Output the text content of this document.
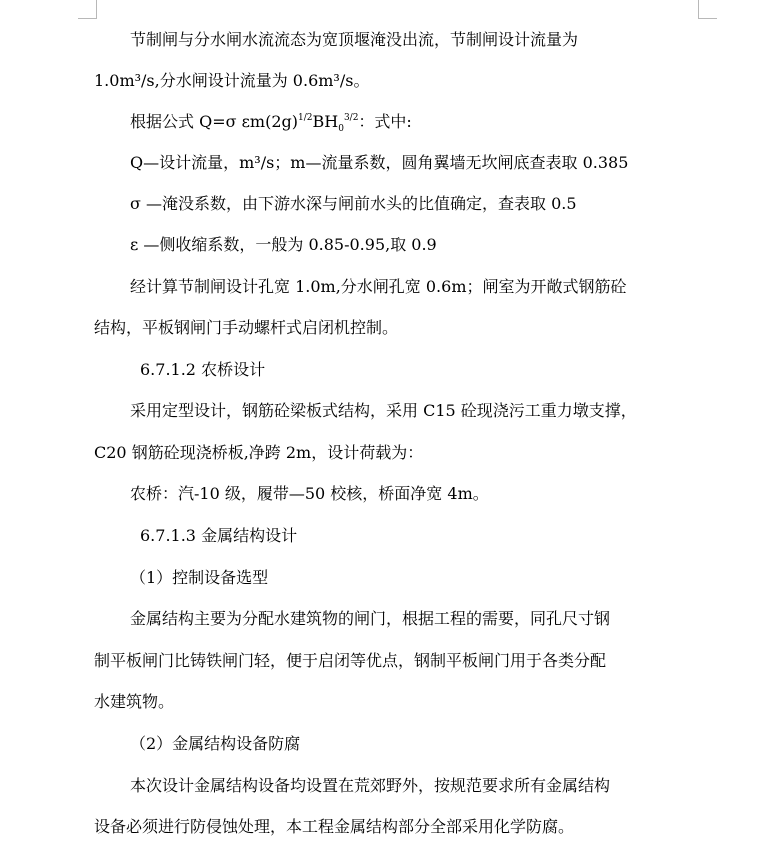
节制闸与分水闸水流流态为宽顶堰淹没出流，节制闸设计流量为
1.0m³/s,分水闸设计流量为 0.6m³/s。
根据公式 Q=σ $\varepsilon m(2g)^{1/2}BH_0^{3/2}$：式中:
Q—设计流量，m³/s；m—流量系数，圆角翼墙无坎闸底查表取 0.385
σ —淹没系数，由下游水深与闸前水头的比值确定，查表取 0.5
ε —侧收缩系数，一般为 0.85-0.95,取 0.9
经计算节制闸设计孔宽 1.0m,分水闸孔宽 0.6m；闸室为开敞式钢筋砼
结构，平板钢闸门手动螺杆式启闭机控制。
6.7.1.2 农桥设计
采用定型设计，钢筋砼梁板式结构，采用 C15 砼现浇污工重力墩支撑，
C20 钢筋砼现浇桥板,净跨 2m，设计荷载为：
农桥：汽-10 级，履带—50 校核，桥面净宽 4m。
6.7.1.3 金属结构设计
（1）控制设备选型
金属结构主要为分配水建筑物的闸门，根据工程的需要，同孔尺寸钢
制平板闸门比铸铁闸门轻，便于启闭等优点，钢制平板闸门用于各类分配
水建筑物。
（2）金属结构设备防腐
本次设计金属结构设备均设置在荒郊野外，按规范要求所有金属结构
设备必须进行防侵蚀处理，本工程金属结构部分全部采用化学防腐。
